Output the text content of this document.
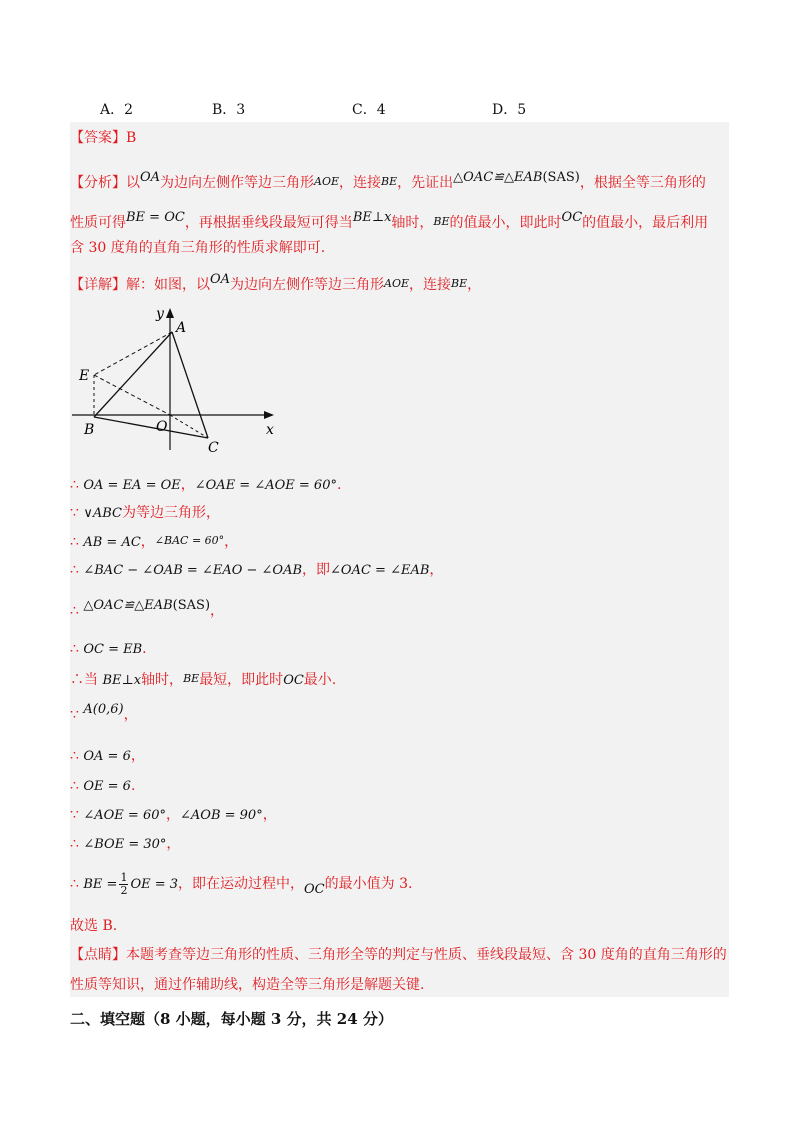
A．2	B．3	C．4	D．5
【答案】B
【分析】以OA为边向左侧作等边三角形AOE，连接BE，先证出△OAC≌△EAB(SAS)，根据全等三角形的
性质可得BE = OC，再根据垂线段最短可得当BE⊥x轴时，BE的值最小，即此时OC的值最小，最后利用
含 30 度角的直角三角形的性质求解即可.
【详解】解：如图，以OA为边向左侧作等边三角形AOE，连接BE，
∴ OA = EA = OE，∠OAE = ∠AOE = 60°.
∵ ∨ABC为等边三角形，
∴ AB = AC，∠BAC = 60°，
∴ ∠BAC − ∠OAB = ∠EAO − ∠OAB，即∠OAC = ∠EAB，
∴ △OAC≌△EAB(SAS)，
∴ OC = EB.
∴当 BE⊥x轴时，BE最短，即此时OC最小.
∵ A(0,6)，
∴ OA = 6，
∴ OE = 6.
∵ ∠AOE = 60°，∠AOB = 90°，
∴ ∠BOE = 30°，
∴ BE = $\frac{1}{2}$ OE = 3，即在运动过程中，OC的最小值为 3.
故选 B.
【点睛】本题考查等边三角形的性质、三角形全等的判定与性质、垂线段最短、含 30 度角的直角三角形的
性质等知识，通过作辅助线，构造全等三角形是解题关键.
y
A
E
B	O
C
x
二、填空题（8 小题，每小题 3 分，共 24 分）
